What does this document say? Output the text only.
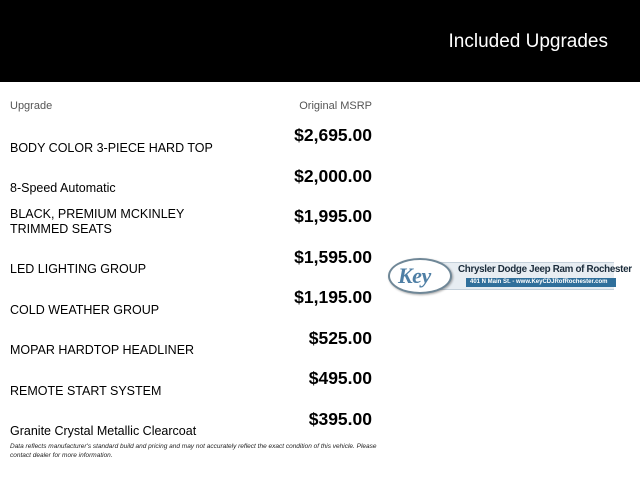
Included Upgrades
Upgrade	Original MSRP
BODY COLOR 3-PIECE HARD TOP
$2,695.00
8-Speed Automatic
$2,000.00
BLACK, PREMIUM MCKINLEY TRIMMED SEATS
$1,995.00
LED LIGHTING GROUP
$1,595.00
COLD WEATHER GROUP
$1,195.00
MOPAR HARDTOP HEADLINER
$525.00
REMOTE START SYSTEM
$495.00
Granite Crystal Metallic Clearcoat
$395.00
Data reflects manufacturer's standard build and pricing and may not accurately reflect the exact condition of this vehicle. Please contact dealer for more information.
Key	Chrysler Dodge Jeep Ram of Rochester
401 N Main St. - www.KeyCDJRofRochester.com
